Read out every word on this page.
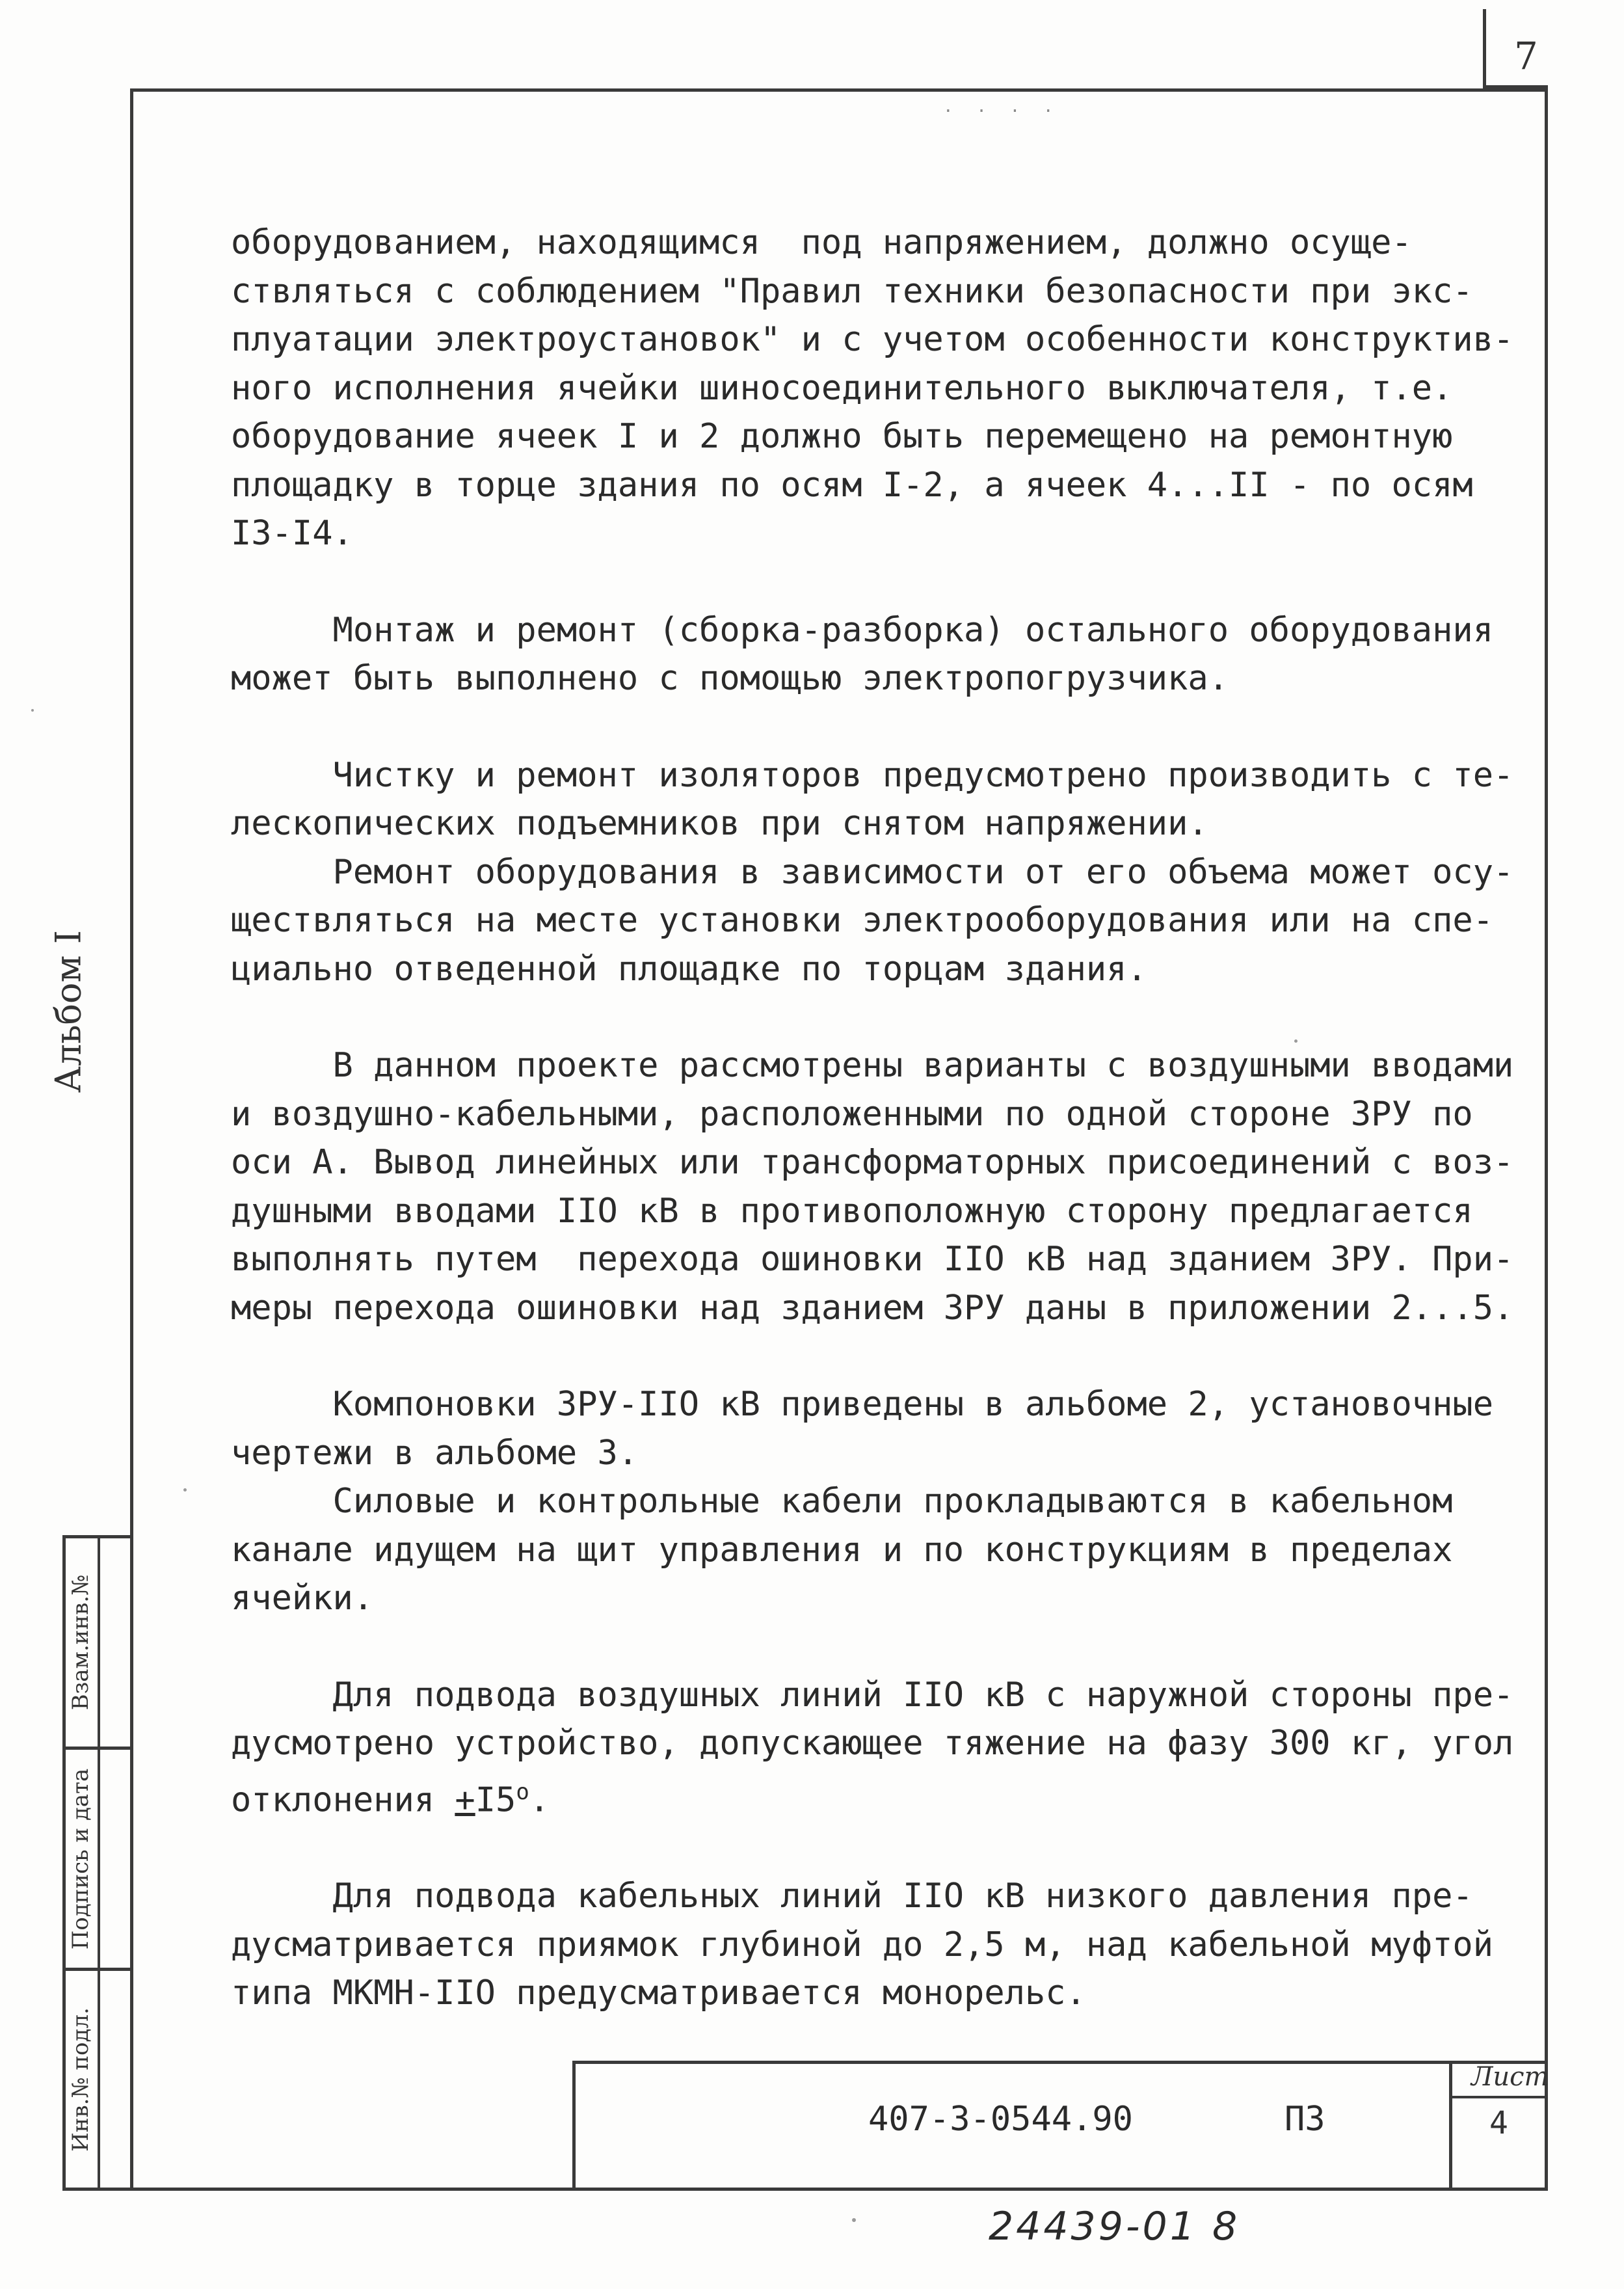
7
· · · ·

оборудованием, находящимся  под напряжением, должно осуще-

ствляться с соблюдением "Правил техники безопасности при экс-

плуатации электроустановок" и с учетом особенности конструктив-

ного исполнения ячейки шиносоединительного выключателя, т.е.

оборудование ячеек I и 2 должно быть перемещено на ремонтную

площадку в торце здания по осям I-2, а ячеек 4...II - по осям

I3-I4.

Монтаж и ремонт (сборка-разборка) остального оборудования

может быть выполнено с помощью электропогрузчика.

Чистку и ремонт изоляторов предусмотрено производить с те-

лескопических подъемников при снятом напряжении.

Ремонт оборудования в зависимости от его объема может осу-

ществляться на месте установки электрооборудования или на спе-

циально отведенной площадке по торцам здания.

В данном проекте рассмотрены варианты с воздушными вводами

и воздушно-кабельными, расположенными по одной стороне ЗРУ по

оси А. Вывод линейных или трансформаторных присоединений с воз-

душными вводами IIO кВ в противоположную сторону предлагается

выполнять путем  перехода ошиновки IIO кВ над зданием ЗРУ. При-

меры перехода ошиновки над зданием ЗРУ даны в приложении 2...5.

Компоновки ЗРУ-IIO кВ приведены в альбоме 2, установочные

чертежи в альбоме 3.

Силовые и контрольные кабели прокладываются в кабельном

канале идущем на щит управления и по конструкциям в пределах

ячейки.

Для подвода воздушных линий IIO кВ с наружной стороны пре-

дусмотрено устройство, допускающее тяжение на фазу 300 кг, угол

отклонения $+I5^о$.

Для подвода кабельных линий IIO кВ низкого давления пре-

дусматривается приямок глубиной до 2,5 м, над кабельной муфтой

типа МКМН-IIO предусматривается монорельс.

Альбом I
Взам.инв.№
Подпись и дата
Инв.№ подл.	Лист
4
407-3-0544.90	ПЗ
24439-01 8
